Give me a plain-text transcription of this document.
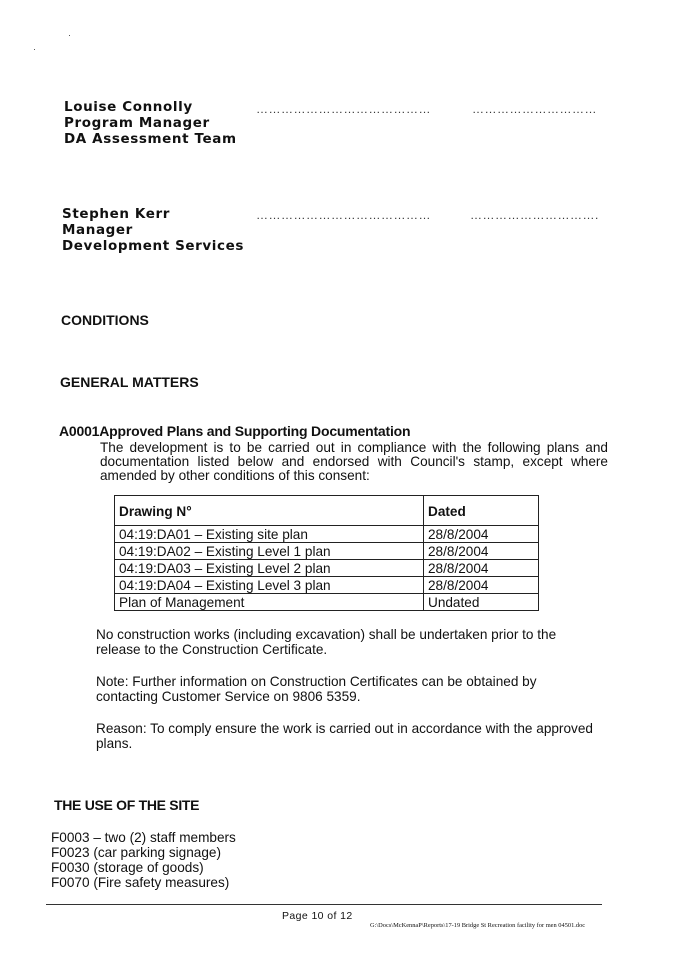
Louise Connolly
Program Manager
DA Assessment Team
……………………………………	…………………………
Stephen Kerr
Manager
Development Services
……………………………………	………………………….
CONDITIONS
GENERAL MATTERS
A0001Approved Plans and Supporting Documentation
The development is to be carried out in compliance with the following plans and
documentation listed below and endorsed with Council's stamp, except where
amended by other conditions of this consent:
Drawing N°	Dated
04:19:DA01 – Existing site plan	28/8/2004
04:19:DA02 – Existing Level 1 plan	28/8/2004
04:19:DA03 – Existing Level 2 plan	28/8/2004
04:19:DA04 – Existing Level 3 plan	28/8/2004
Plan of Management	Undated
No construction works (including excavation) shall be undertaken prior to the
release to the Construction Certificate.
Note: Further information on Construction Certificates can be obtained by
contacting Customer Service on 9806 5359.
Reason: To comply ensure the work is carried out in accordance with the approved
plans.
THE USE OF THE SITE
F0003 – two (2) staff members
F0023 (car parking signage)
F0030 (storage of goods)
F0070 (Fire safety measures)
Page 10 of 12
G:\Docs\McKennaP\Reports\17-19 Bridge St Recreation facility for men 04501.doc
